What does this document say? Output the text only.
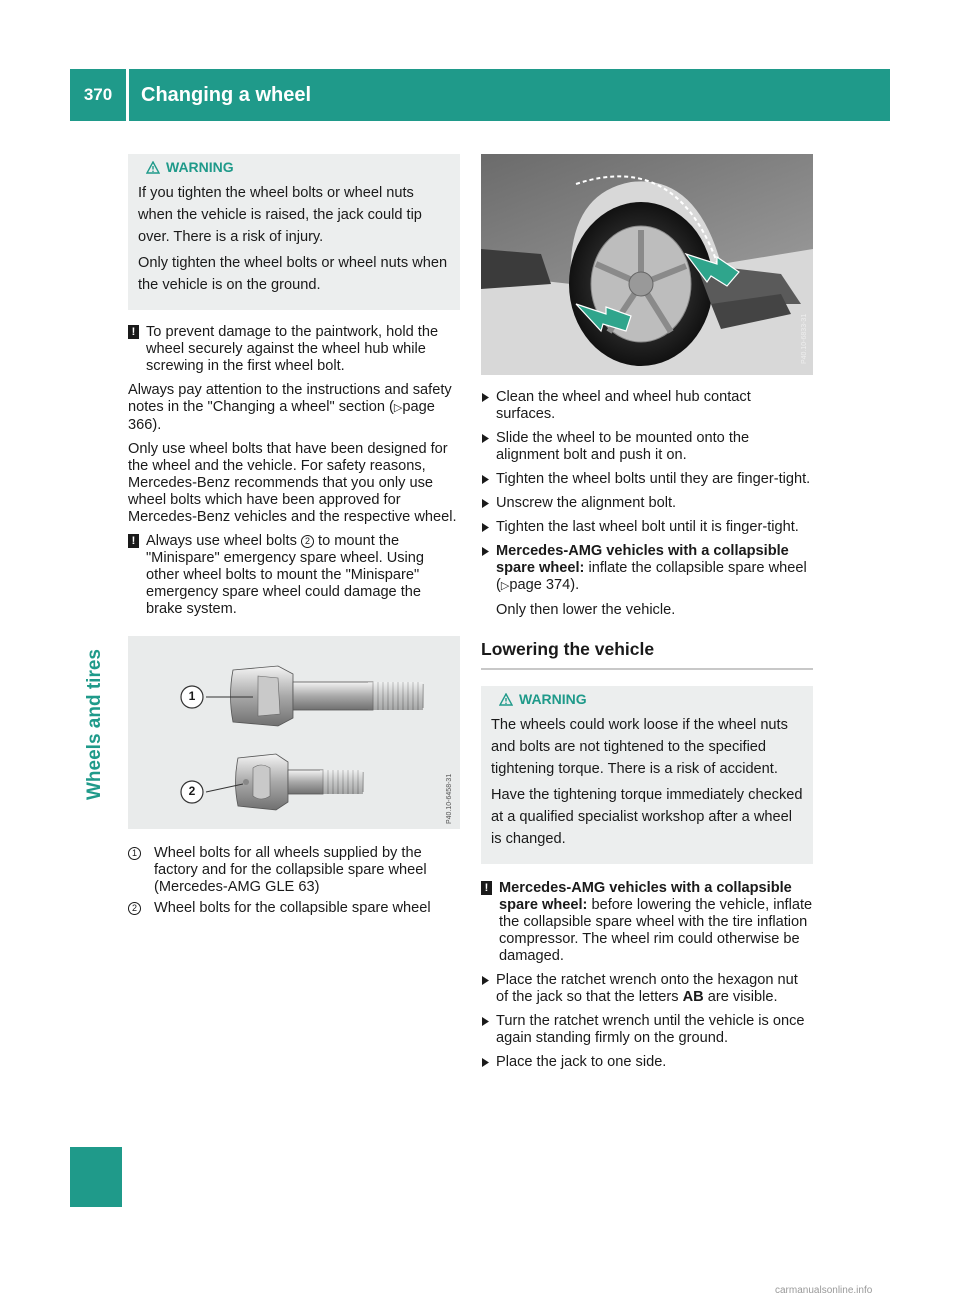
370	Changing a wheel
Wheels and tires
WARNING
If you tighten the wheel bolts or wheel nuts when the vehicle is raised, the jack could tip over. There is a risk of injury.
Only tighten the wheel bolts or wheel nuts when the vehicle is on the ground.

! To prevent damage to the paintwork, hold the wheel securely against the wheel hub while screwing in the first wheel bolt.

Always pay attention to the instructions and safety notes in the "Changing a wheel" section (▷page 366).

Only use wheel bolts that have been designed for the wheel and the vehicle. For safety reasons, Mercedes-Benz recommends that you only use wheel bolts which have been approved for Mercedes-Benz vehicles and the respective wheel.

! Always use wheel bolts 2 to mount the "Minispare" emergency spare wheel. Using other wheel bolts to mount the "Minispare" emergency spare wheel could damage the brake system.

1
2	P40.10-6458-31
1 Wheel bolts for all wheels supplied by the factory and for the collapsible spare wheel (Mercedes-AMG GLE 63)
2 Wheel bolts for the collapsible spare wheel
P40.10-6833-31
Clean the wheel and wheel hub contact surfaces.
Slide the wheel to be mounted onto the alignment bolt and push it on.
Tighten the wheel bolts until they are finger-tight.
Unscrew the alignment bolt.
Tighten the last wheel bolt until it is finger-tight.
Mercedes-AMG vehicles with a collapsible spare wheel: inflate the collapsible spare wheel (▷page 374).

Only then lower the vehicle.

Lowering the vehicle
WARNING
The wheels could work loose if the wheel nuts and bolts are not tightened to the specified tightening torque. There is a risk of accident.
Have the tightening torque immediately checked at a qualified specialist workshop after a wheel is changed.

! Mercedes-AMG vehicles with a collapsible spare wheel: before lowering the vehicle, inflate the collapsible spare wheel with the tire inflation compressor. The wheel rim could otherwise be damaged.

Place the ratchet wrench onto the hexagon nut of the jack so that the letters AB are visible.
Turn the ratchet wrench until the vehicle is once again standing firmly on the ground.
Place the jack to one side.
carmanualsonline.info
